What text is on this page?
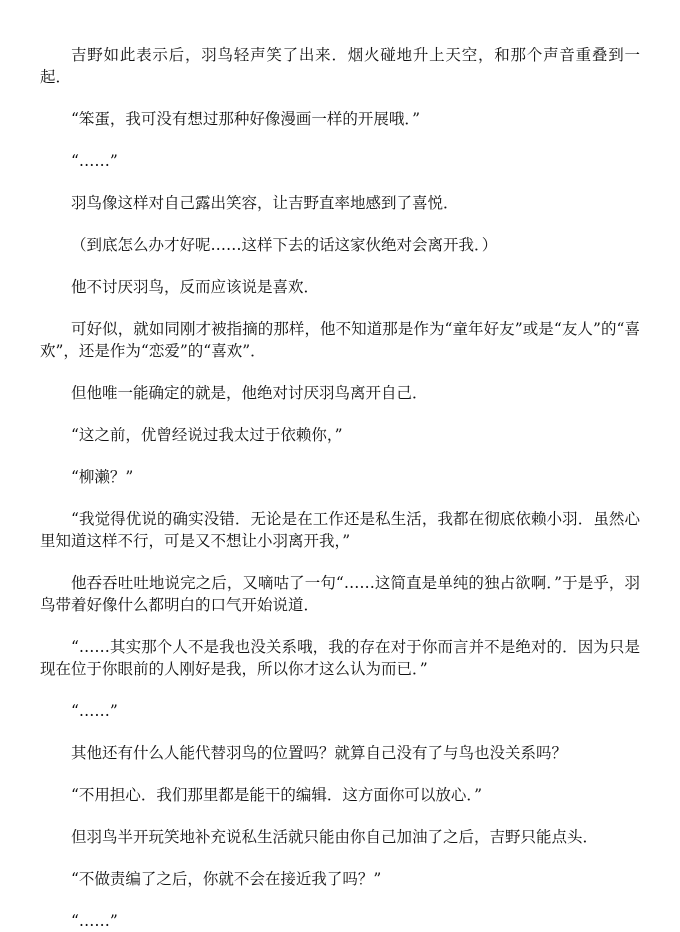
吉野如此表示后，羽鸟轻声笑了出来．烟火碰地升上天空，和那个声音重叠到一起．

“笨蛋，我可没有想过那种好像漫画一样的开展哦．”

“……”

羽鸟像这样对自己露出笑容，让吉野直率地感到了喜悦．

（到底怎么办才好呢……这样下去的话这家伙绝对会离开我．）

他不讨厌羽鸟，反而应该说是喜欢．

可好似，就如同刚才被指摘的那样，他不知道那是作为“童年好友”或是“友人”的“喜欢”，还是作为“恋爱”的“喜欢”．

但他唯一能确定的就是，他绝对讨厌羽鸟离开自己．

“这之前，优曾经说过我太过于依赖你，”

“柳濑？”

“我觉得优说的确实没错．无论是在工作还是私生活，我都在彻底依赖小羽．虽然心里知道这样不行，可是又不想让小羽离开我，”

他吞吞吐吐地说完之后，又嘀咕了一句“……这简直是单纯的独占欲啊．”于是乎，羽鸟带着好像什么都明白的口气开始说道．

“……其实那个人不是我也没关系哦，我的存在对于你而言并不是绝对的．因为只是现在位于你眼前的人刚好是我，所以你才这么认为而已．”

“……”

其他还有什么人能代替羽鸟的位置吗？就算自己没有了与鸟也没关系吗？

“不用担心．我们那里都是能干的编辑．这方面你可以放心．”

但羽鸟半开玩笑地补充说私生活就只能由你自己加油了之后，吉野只能点头．

“不做责编了之后，你就不会在接近我了吗？”

“……”
